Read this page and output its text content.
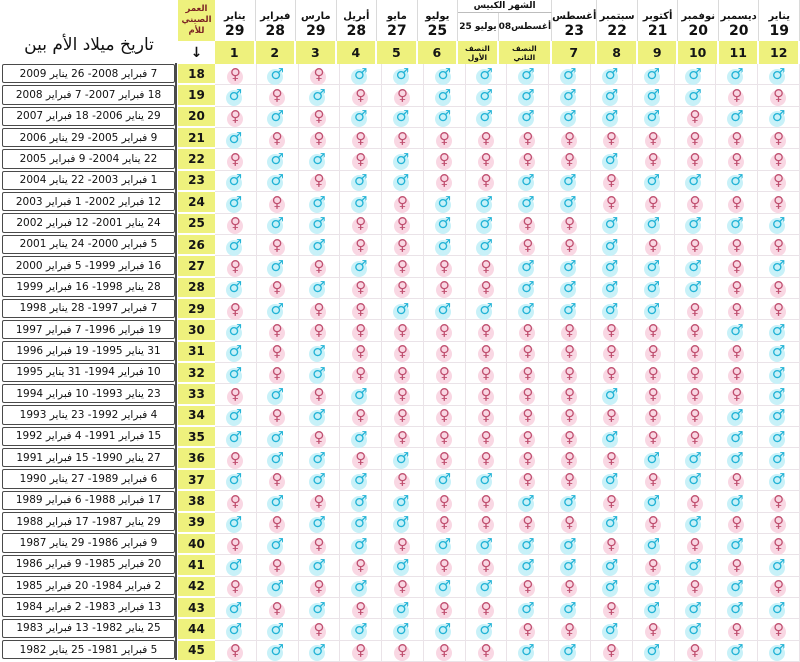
تاريخ ميلاد الأم بين
7 فبراير 2008- 26 يناير 2009
18 فبراير 2007- 7 فبراير 2008
29 يناير 2006- 18 فبراير 2007
9 فبراير 2005- 29 يناير 2006
22 يناير 2004- 9 فبراير 2005
1 فبراير 2003- 22 يناير 2004
12 فبراير 2002- 1 فبراير 2003
24 يناير 2001- 12 فبراير 2002
5 فبراير 2000- 24 يناير 2001
16 فبراير 1999- 5 فبراير 2000
28 يناير 1998- 16 فبراير 1999
7 فبراير 1997- 28 يناير 1998
19 فبراير 1996- 7 فبراير 1997
31 يناير 1995- 19 فبراير 1996
10 فبراير 1994- 31 يناير 1995
23 يناير 1993- 10 فبراير 1994
4 فبراير 1992- 23 يناير 1993
15 فبراير 1991- 4 فبراير 1992
27 يناير 1990- 15 فبراير 1991
6 فبراير 1989- 27 يناير 1990
17 فبراير 1988- 6 فبراير 1989
29 يناير 1987- 17 فبراير 1988
9 فبراير 1986- 29 يناير 1987
20 فبراير 1985- 9 فبراير 1986
2 فبراير 1984- 20 فبراير 1985
13 فبراير 1983- 2 فبراير 1984
25 يناير 1982- 13 فبراير 1983
5 فبراير 1981- 25 يناير 1982
العمر
الصيني
للأم
↓
18
19
20
21
22
23
24
25
26
27
28
29
30
31
32
33
34
35
36
37
38
39
40
41
42
43
44
45
يناير
29
1
فبراير
28
2
مارس
29
3
أبريل
28
4
مايو
27
5
يوليو
25
6
الشهر الكبيس
يوليو 25 أغسطس08
النصف
الأول
النصف
الثاني
أغسطس
23
7
سبتمبر
22
8
أكتوبر
21
9
نوفمبر
20
10
ديسمبر
20
11
يناير
19
12
♀ ♂ ♀ ♂ ♂ ♂ ♂ ♂ ♂ ♂ ♂ ♂ ♂ ♂
♂ ♀ ♂ ♀ ♀ ♂ ♂ ♂ ♂ ♂ ♂ ♂ ♀ ♀
♀ ♂ ♀ ♂ ♂ ♂ ♂ ♂ ♂ ♂ ♂ ♀ ♂ ♂
♂ ♀ ♀ ♀ ♀ ♀ ♀ ♀ ♀ ♀ ♀ ♀ ♀ ♀
♀ ♂ ♂ ♀ ♂ ♀ ♀ ♀ ♀ ♂ ♀ ♀ ♀ ♀
♂ ♂ ♀ ♂ ♂ ♀ ♀ ♂ ♂ ♀ ♂ ♂ ♂ ♀
♂ ♀ ♂ ♂ ♀ ♂ ♂ ♂ ♂ ♀ ♀ ♀ ♀ ♀
♀ ♂ ♂ ♀ ♀ ♂ ♂ ♀ ♀ ♂ ♂ ♂ ♂ ♂
♂ ♀ ♂ ♀ ♀ ♂ ♂ ♀ ♀ ♂ ♀ ♀ ♀ ♀
♀ ♂ ♀ ♂ ♀ ♀ ♀ ♂ ♂ ♂ ♂ ♂ ♀ ♂
♂ ♀ ♂ ♀ ♀ ♀ ♀ ♂ ♂ ♂ ♂ ♂ ♀ ♀
♀ ♂ ♀ ♀ ♂ ♂ ♂ ♂ ♂ ♂ ♂ ♀ ♀ ♀
♂ ♀ ♀ ♀ ♀ ♀ ♀ ♀ ♀ ♀ ♀ ♀ ♂ ♂
♂ ♀ ♂ ♀ ♀ ♀ ♀ ♀ ♀ ♀ ♀ ♀ ♀ ♂
♂ ♀ ♂ ♀ ♀ ♀ ♀ ♀ ♀ ♀ ♀ ♀ ♀ ♂
♀ ♂ ♀ ♂ ♀ ♀ ♀ ♀ ♀ ♂ ♀ ♀ ♀ ♂
♂ ♀ ♂ ♀ ♀ ♀ ♀ ♀ ♀ ♀ ♀ ♀ ♂ ♂
♂ ♂ ♀ ♂ ♀ ♀ ♀ ♀ ♀ ♂ ♀ ♀ ♂ ♂
♀ ♂ ♂ ♀ ♂ ♀ ♀ ♀ ♀ ♀ ♂ ♂ ♂ ♂
♂ ♀ ♂ ♂ ♀ ♂ ♂ ♀ ♀ ♂ ♀ ♂ ♀ ♂
♀ ♂ ♀ ♂ ♂ ♀ ♀ ♂ ♂ ♀ ♂ ♀ ♂ ♀
♂ ♀ ♂ ♂ ♂ ♀ ♀ ♀ ♀ ♂ ♀ ♂ ♀ ♀
♀ ♂ ♀ ♂ ♀ ♂ ♂ ♂ ♂ ♀ ♂ ♀ ♂ ♀
♂ ♀ ♂ ♀ ♂ ♀ ♀ ♂ ♂ ♂ ♀ ♂ ♀ ♂
♀ ♂ ♀ ♂ ♀ ♂ ♂ ♀ ♀ ♂ ♂ ♀ ♂ ♀
♂ ♀ ♂ ♀ ♂ ♀ ♀ ♂ ♂ ♀ ♂ ♂ ♂ ♂
♂ ♂ ♀ ♂ ♂ ♂ ♂ ♀ ♀ ♂ ♀ ♂ ♀ ♀
♀ ♂ ♂ ♀ ♀ ♀ ♀ ♂ ♂ ♀ ♂ ♀ ♂ ♂
